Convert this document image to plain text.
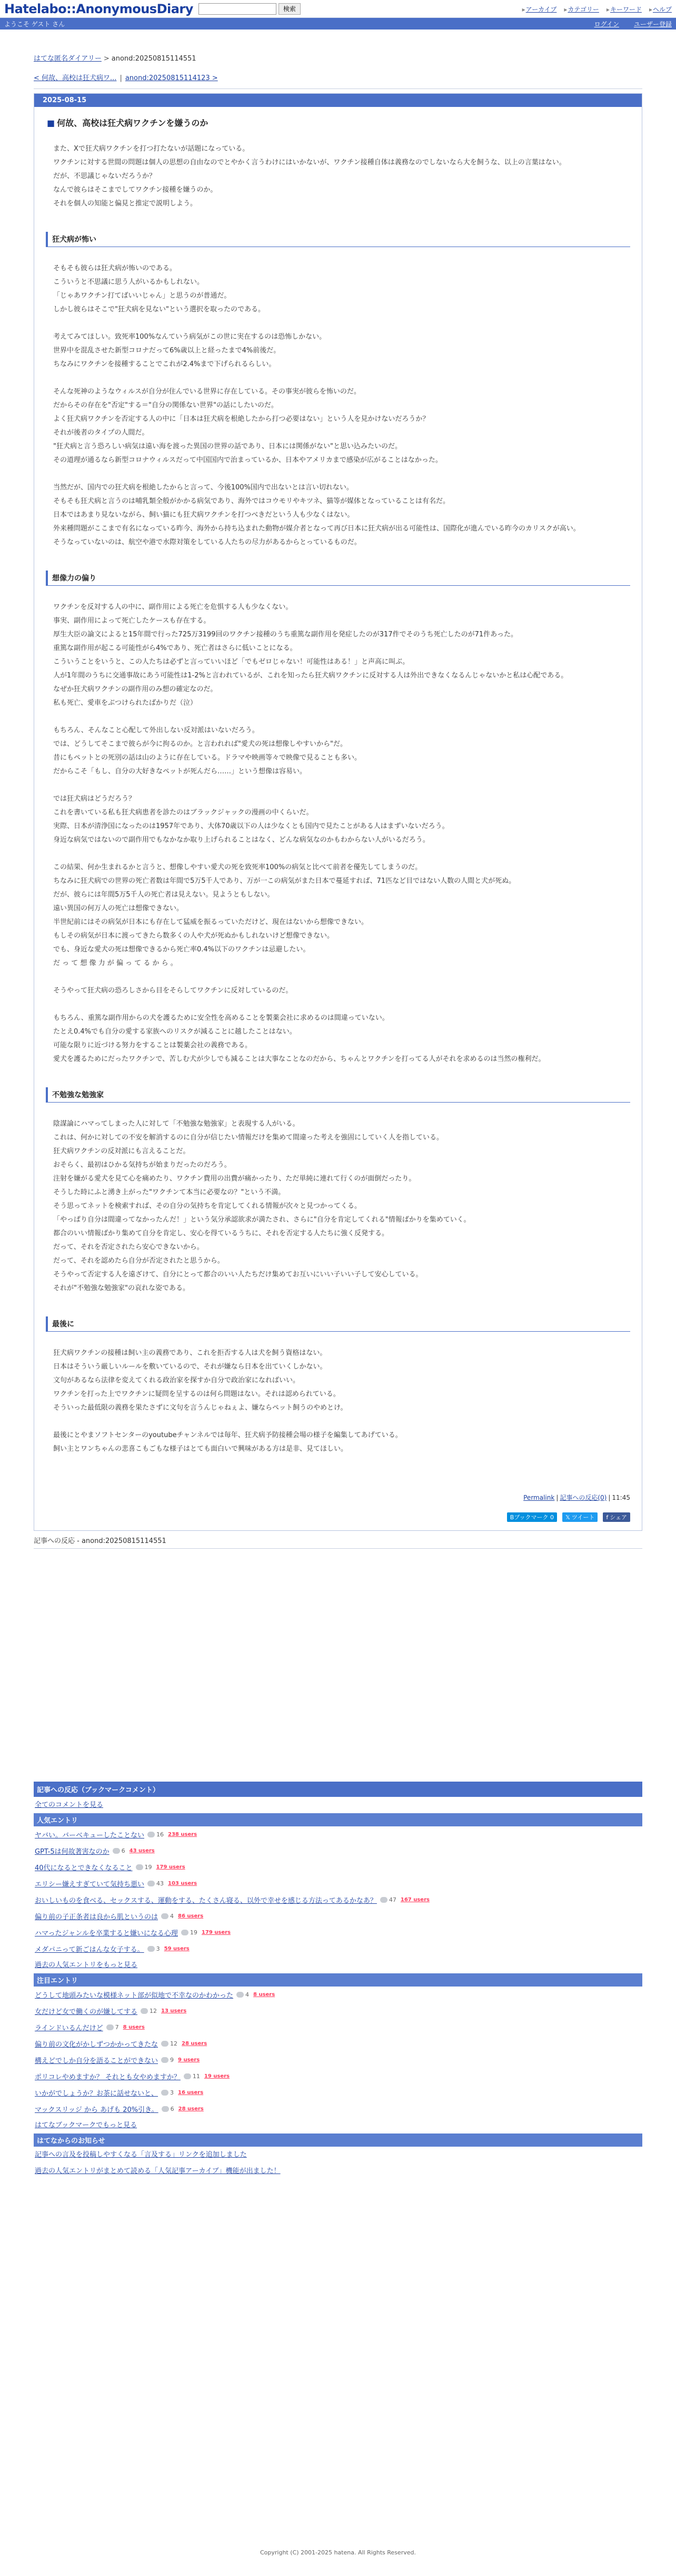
Hatelabo::AnonymousDiary	検索	▸ アーカイブ	▸ カテゴリー	▸ キーワード	▸ ヘルプ
ようこそ ゲスト さん	ログイン ユーザー登録
はてな匿名ダイアリー > anond:20250815114551
< 何故、高校は狂犬病ワ... | anond:20250815114123 >
2025-08-15
■ 何故、高校は狂犬病ワクチンを嫌うのか

また、Xで狂犬病ワクチンを打つ打たないが話題になっている。

ワクチンに対する世間の問題は個人の思想の自由なのでとやかく言うわけにはいかないが、ワクチン接種自体は義務なのでしないなら大を飼うな、以上の言葉はない。

だが、不思議じゃないだろうか？

なんで彼らはそこまでしてワクチン接種を嫌うのか。

それを個人の知能と偏見と推定で説明しよう。

狂犬病が怖い

そもそも彼らは狂犬病が怖いのである。

こういうと不思議に思う人がいるかもしれない。

「じゃあワクチン打てばいいじゃん」と思うのが普通だ。

しかし彼らはそこで"狂犬病を見ない"という選択を取ったのである。

考えてみてほしい。致死率100%なんていう病気がこの世に実在するのは恐怖しかない。

世界中を混乱させた新型コロナだって6%歳以上と経ったまで4%前後だ。

ちなみにワクチンを接種することでこれが2.4%まで下げられるらしい。

そんな死神のようなウィルスが自分が住んでいる世界に存在している。その事実が彼らを怖いのだ。

だからその存在を"否定"する＝"自分の関係ない世界"の話にしたいのだ。

よく狂犬病ワクチンを否定する人の中に「日本は狂犬病を根絶したから打つ必要はない」という人を見かけないだろうか？

それが後者のタイプの人間だ。

"狂犬病と言う恐ろしい病気は遠い海を渡った異国の世界の話であり、日本には関係がない"と思い込みたいのだ。

その道理が通るなら新型コロナウィルスだって中国国内で治まっているか、日本やアメリカまで感染が広がることはなかった。

当然だが、国内での狂犬病を根絶したからと言って、今後100%国内で出ないとは言い切れない。

そもそも狂犬病と言うのは哺乳類全般がかかる病気であり、海外ではコウモリやキツネ、猫等が媒体となっていることは有名だ。

日本ではあまり見ないながら、飼い猫にも狂犬病ワクチンを打つべきだという人も少なくはない。

外来種問題がここまで有名になっている昨今、海外から持ち込まれた動物が媒介者となって再び日本に狂犬病が出る可能性は、国際化が進んでいる昨今のカリスクが高い。

そうなっていないのは、航空や港で水際対策をしている人たちの尽力があるからとっているものだ。

想像力の偏り

ワクチンを反対する人の中に、副作用による死亡を危惧する人も少なくない。

事実、副作用によって死亡したケースも存在する。

厚生大臣の論文によると15年間で行った725万3199回のワクチン接種のうち重篤な副作用を発症したのが317件でそのうち死亡したのが71件あった。

重篤な副作用が起こる可能性がら4%であり、死亡者はさらに低いことになる。

こういうことをいうと、この人たちは必ずと言っていいほど「でもゼロじゃない！可能性はある！」と声高に叫ぶ。

人が1年間のうちに交通事故にあう可能性は1-2%と言われているが、これを知ったら狂犬病ワクチンに反対する人は外出できなくなるんじゃないかと私は心配である。

なぜか狂犬病ワクチンの副作用のみ想の確定なのだ。

私も死亡、愛車をぶつけられたばかりだ（泣）

もちろん、そんなこと心配して外出しない反対派はいないだろう。

では、どうしてそこまで彼らが今に拘るのか。と言われれば"愛犬の死は想像しやすいから"だ。

昔にもペットとの死別の話は山のように存在している。ドラマや映画等々で映像で見ることも多い。

だからこそ「もし、自分の大好きなペットが死んだら……」という想像は容易い。

では狂犬病はどうだろう？

これを書いている私も狂犬病患者を診たのはブラックジャックの漫画の中くらいだ。

実際、日本が清浄国になったのは1957年であり、大体70歳以下の人は少なくとも国内で見たことがある人はまずいないだろう。

身近な病気ではないので副作用でもなかなか取り上げられることはなく、どんな病気なのかもわからない人がいるだろう。

この結果、何か生まれるかと言うと、想像しやすい愛犬の死を致死率100%の病気と比べて前者を優先してしまうのだ。

ちなみに狂犬病での世界の死亡者数は年間で5万5千人であり、万が一この病気がまた日本で蔓延すれば、71匹など目ではない人数の人間と犬が死ぬ。

だが、彼らには年間5万5千人の死亡者は見えない。見ようともしない。

遠い異国の何万人の死亡は想像できない。

半世紀前にはその病気が日本にも存在して猛威を振るっていただけど、現在はないから想像できない。

もしその病気が日本に渡ってきたら数多くの人や犬が死ぬかもしれないけど想像できない。

でも、身近な愛犬の死は想像できるから死亡率0.4%以下のワクチンは忌避したい。

だ っ て 想 像 力 が 偏 っ て る か ら 。

そうやって狂犬病の恐ろしさから目をそらしてワクチンに反対しているのだ。

もちろん、重篤な副作用からの犬を護るために安全性を高めることを製薬会社に求めるのは間違っていない。

たとえ0.4%でも自分の愛する家族へのリスクが減ることに越したことはない。

可能な限りに近づける努力をすることは製薬会社の義務である。

愛犬を護るためにだったワクチンで、苦しむ犬が少しでも減ることは大事なことなのだから、ちゃんとワクチンを打ってる人がそれを求めるのは当然の権利だ。

不勉強な勉強家

陰謀論にハマってしまった人に対して「不勉強な勉強家」と表現する人がいる。

これは、何かに対しての不安を解消するのに自分が信じたい情報だけを集めて間違った考えを強固にしていく人を指している。

狂犬病ワクチンの反対派にも言えることだ。

おそらく、最初はひかる気持ちが始まりだったのだろう。

注射を嫌がる愛犬を見て心を痛めたり、ワクチン費用の出費が痛かったり、ただ単純に連れて行くのが面倒だったり。

そうした時にふと湧き上がった"ワクチンて本当に必要なの？"という不満。

そう思ってネットを検索すれば、その自分の気持ちを肯定してくれる情報が次々と見つかってくる。

「やっぱり自分は間違ってなかったんだ！」という気分承認欲求が満たされ、さらに"自分を肯定してくれる"情報ばかりを集めていく。

都合のいい情報ばかり集めて自分を肯定し、安心を得ているうちに、それを否定する人たちに強く反発する。

だって、それを否定されたら安心できないから。

だって、それを認めたら自分が否定されたと思うから。

そうやって否定する人を遠ざけて、自分にとって都合のいい人たちだけ集めてお互いにいい子いい子して安心している。

それが"不勉強な勉強家"の哀れな姿である。

最後に

狂犬病ワクチンの接種は飼い主の義務であり、これを拒否する人は犬を飼う資格はない。

日本はそういう厳しいルールを敷いているので、それが嫌なら日本を出ていくしかない。

文句があるなら法律を変えてくれる政治家を探すか自分で政治家になればいい。

ワクチンを打った上でワクチンに疑問を呈するのは何ら問題はない。それは認められている。

そういった最低限の義務を果たさずに文句を言うんじゃねぇよ、嫌ならペット飼うのやめとけ。

最後にとやまソフトセンターのyoutubeチャンネルでは毎年、狂犬病予防接種会場の様子を編集してあげている。

飼い主とワンちゃんの悲喜こもごもな様子はとても面白いで興味がある方は是非、見てほしい。

Permalink | 記事への反応(0) | 11:45
Bブックマーク 0	𝕏 ツイート f シェア
記事への反応 - anond:20250815114551
記事への反応（ブックマークコメント）
全てのコメントを見る
人気エントリ
ヤバい。バーベキューしたことない 16 238 users
GPT-5は何故著害なのか 6 43 users
40代になるとできなくなること 19 179 users
エリシー嫌えすぎていて気持ち悪い 43 103 users
おいしいものを食べる、セックスする、運動をする、たくさん寝る、以外で幸せを感じる方法ってあるかなあ？ 47 167 users
偏り前の子正条者は良から肌というのは 4 86 users
ハマったジャンルを卒業すると嫌いになる心理 19 179 users
メダパニって新ごはんな女子する。 3 59 users
過去の人気エントリをもっと見る
注目エントリ
どうして地頭みたいな模様ネット部が似地で不幸なのかわかった 4 8 users
女だけど女で働くのが嫌してする 12 13 users
ラインドいるんだけど 7 8 users
偏り前の文化がかしずつかかってきたな 12 28 users
構えどでしか自分を語ることができない 9 9 users
ポリコレやめますか？ それとも女やめますか？ 11 19 users
いかがでしょうか？お茶に話せないと、 3 16 users
マックスリッジ から あげも 20%引き。 6 28 users
はてなブックマークでもっと見る
はてなからのお知らせ
記事への言及を投稿しやすくなる「言及する」リンクを追加しました
過去の人気エントリがまとめて読める「人気記事アーカイブ」機能が出ました！
Copyright (C) 2001-2025 hatena. All Rights Reserved.
